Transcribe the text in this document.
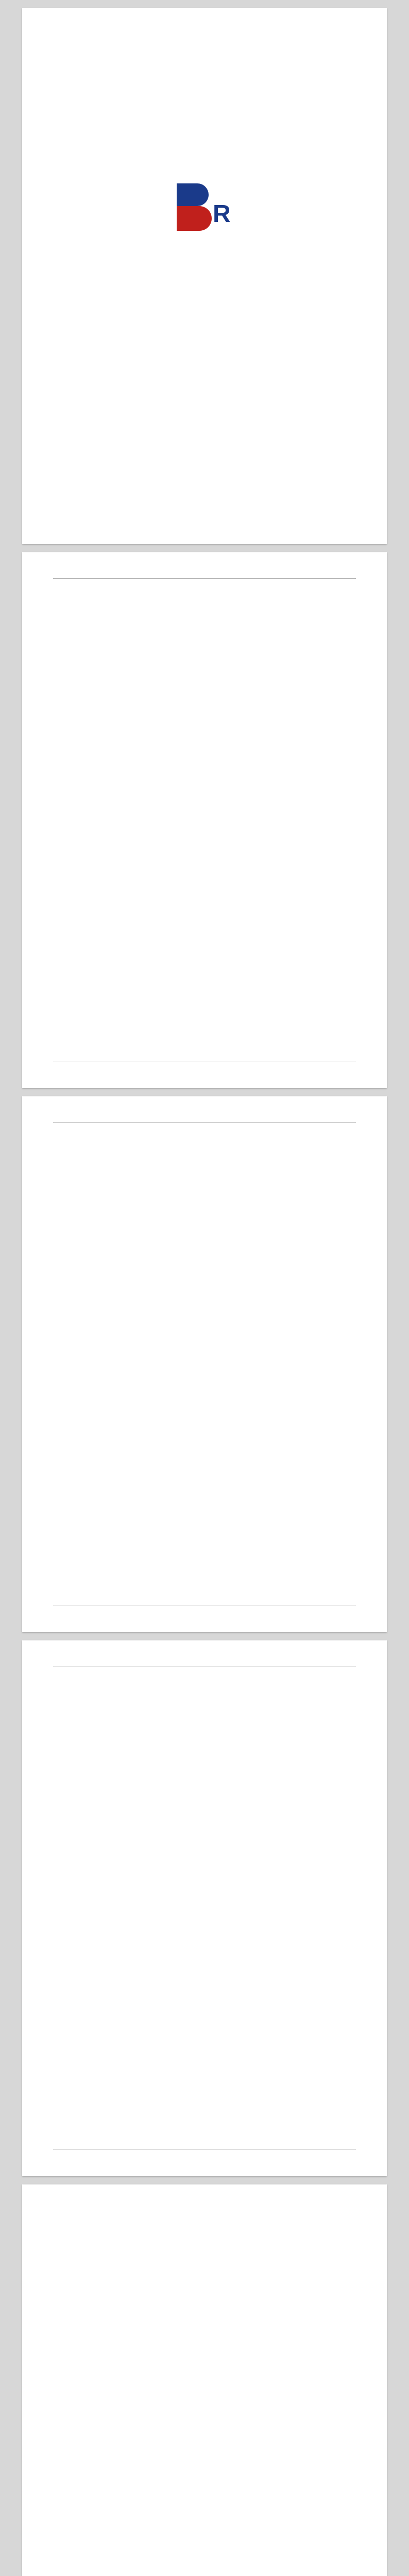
R
